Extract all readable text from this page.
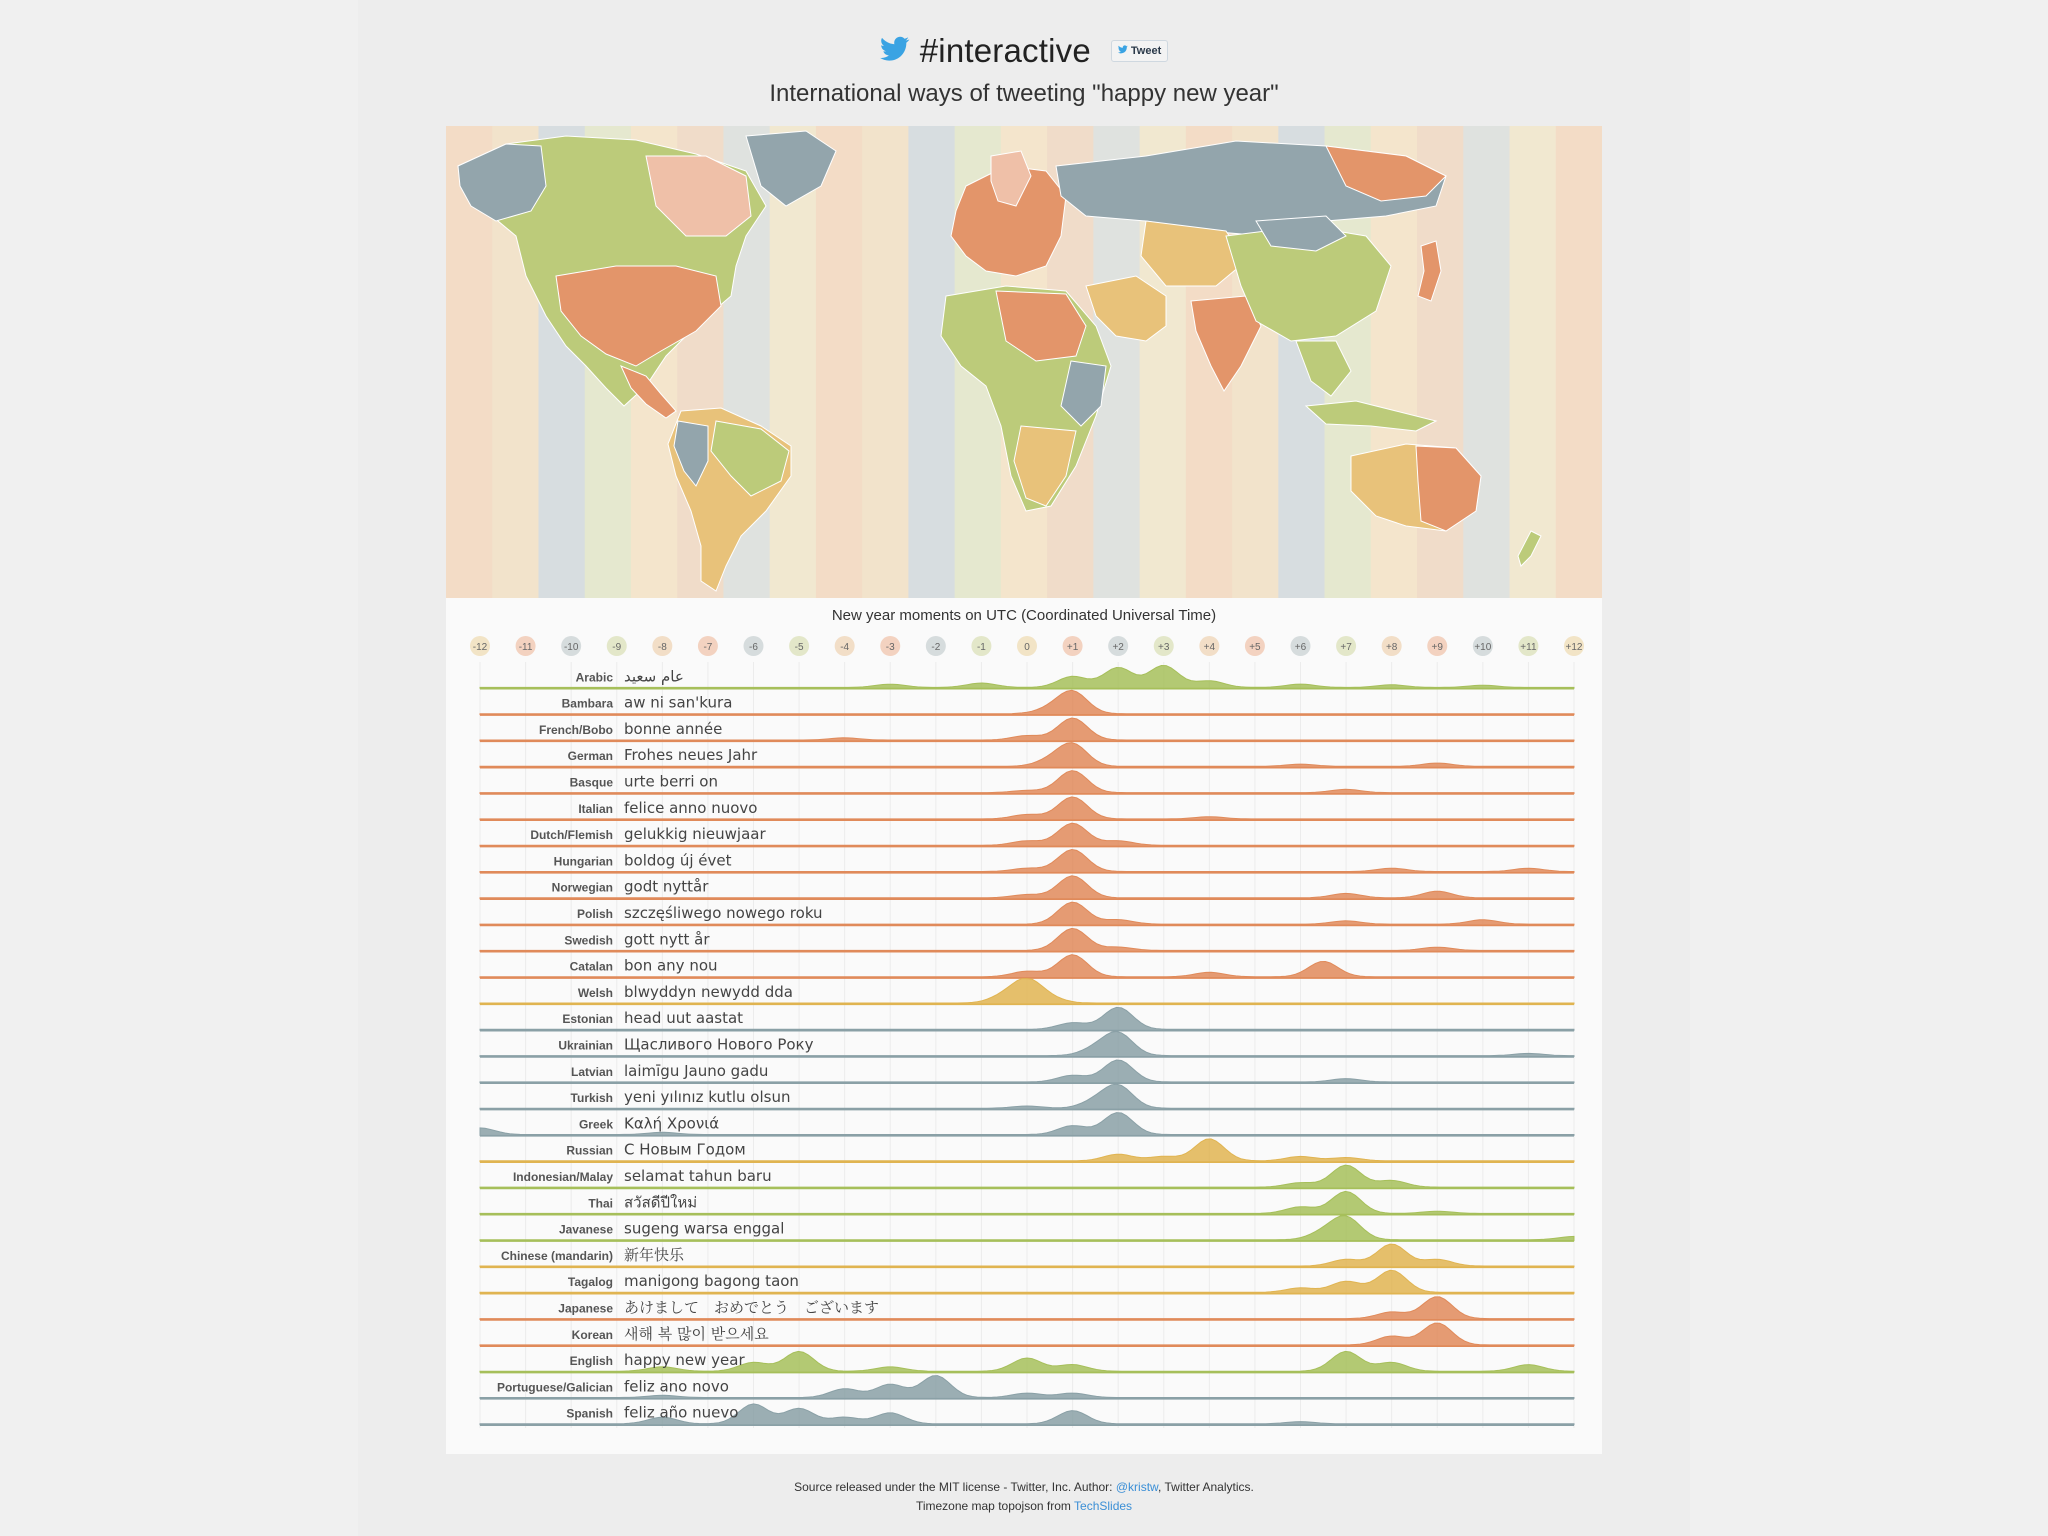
#interactive	Tweet
International ways of tweeting "happy new year"
New year moments on UTC (Coordinated Universal Time)
-12	-11	-10	-9	-8	-7	-6	-5	-4	-3	-2	-1	0	+1	+2	+3	+4	+5	+6	+7	+8	+9	+10	+11	+12
Arabic عام سعيد
Bambara aw ni san'kura
French/Bobo bonne année
German Frohes neues Jahr
Basque urte berri on
Italian felice anno nuovo
Dutch/Flemish gelukkig nieuwjaar
Hungarian boldog új évet
Norwegian godt nyttår
Polish szczęśliwego nowego roku
Swedish gott nytt år
Catalan bon any nou
Welsh blwyddyn newydd dda
Estonian head uut aastat
Ukrainian Щасливого Нового Року
Latvian laimīgu Jauno gadu
Turkish yeni yılınız kutlu olsun
Greek Καλή Χρονιά
Russian С Новым Годом
Indonesian/Malay selamat tahun baru
Thai สวัสดีปีใหม่
Javanese sugeng warsa enggal
Chinese (mandarin) 新年快乐
Tagalog manigong bagong taon
Japanese あけまして　おめでとう　ございます
Korean 새해 복 많이 받으세요
English happy new year
Portuguese/Galician feliz ano novo
Spanish feliz año nuevo
Source released under the MIT license - Twitter, Inc. Author: @kristw, Twitter Analytics.
Timezone map topojson from TechSlides
